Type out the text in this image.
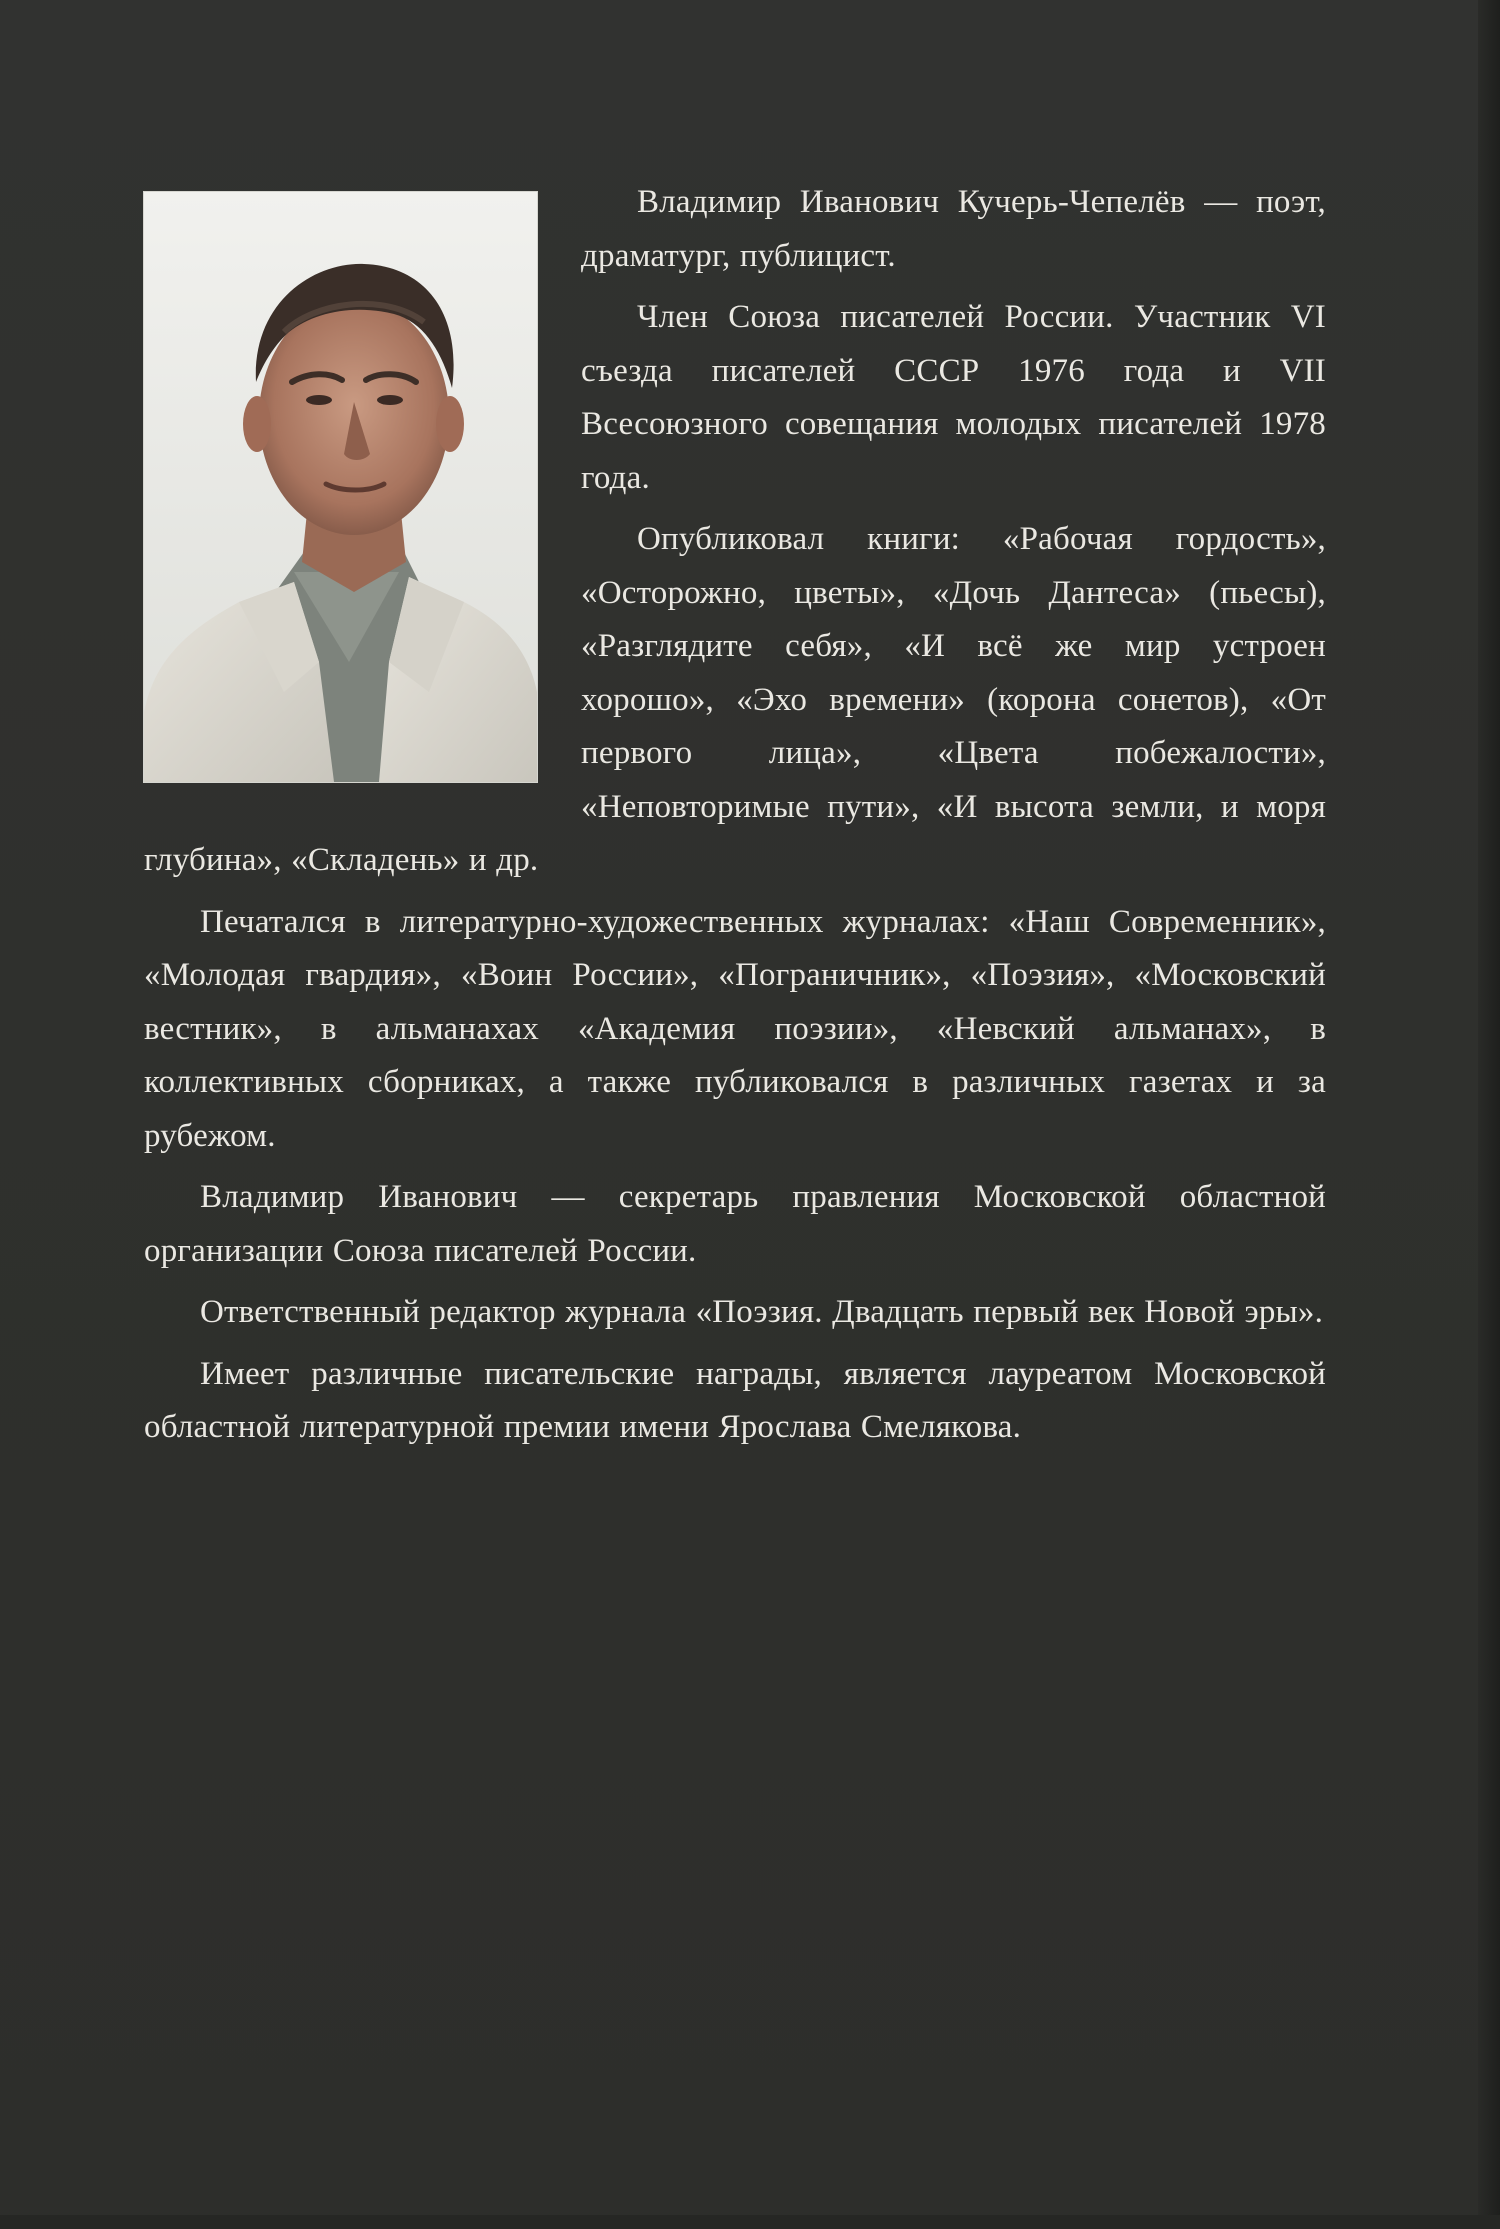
Владимир Иванович Кучерь-Чепелёв — поэт, драматург, публицист.

Член Союза писателей России. Участник VI съезда писателей СССР 1976 года и VII Всесоюзного совещания молодых писателей 1978 года.

Опубликовал книги: «Рабочая гордость», «Осторожно, цветы», «Дочь Дантеса» (пьесы), «Разглядите себя», «И всё же мир устроен хорошо», «Эхо времени» (корона сонетов), «От первого лица», «Цвета побежалости», «Неповторимые пути», «И высота земли, и моря глубина», «Складень» и др.

Печатался в литературно-художественных журналах: «Наш Современник», «Молодая гвардия», «Воин России», «Пограничник», «Поэзия», «Московский вестник», в альманахах «Академия поэзии», «Невский альманах», в коллективных сборниках, а также публиковался в различных газетах и за рубежом.

Владимир Иванович — секретарь правления Московской областной организации Союза писателей России.

Ответственный редактор журнала «Поэзия. Двадцать первый век Новой эры».

Имеет различные писательские награды, является лауреатом Московской областной литературной премии имени Ярослава Смелякова.
